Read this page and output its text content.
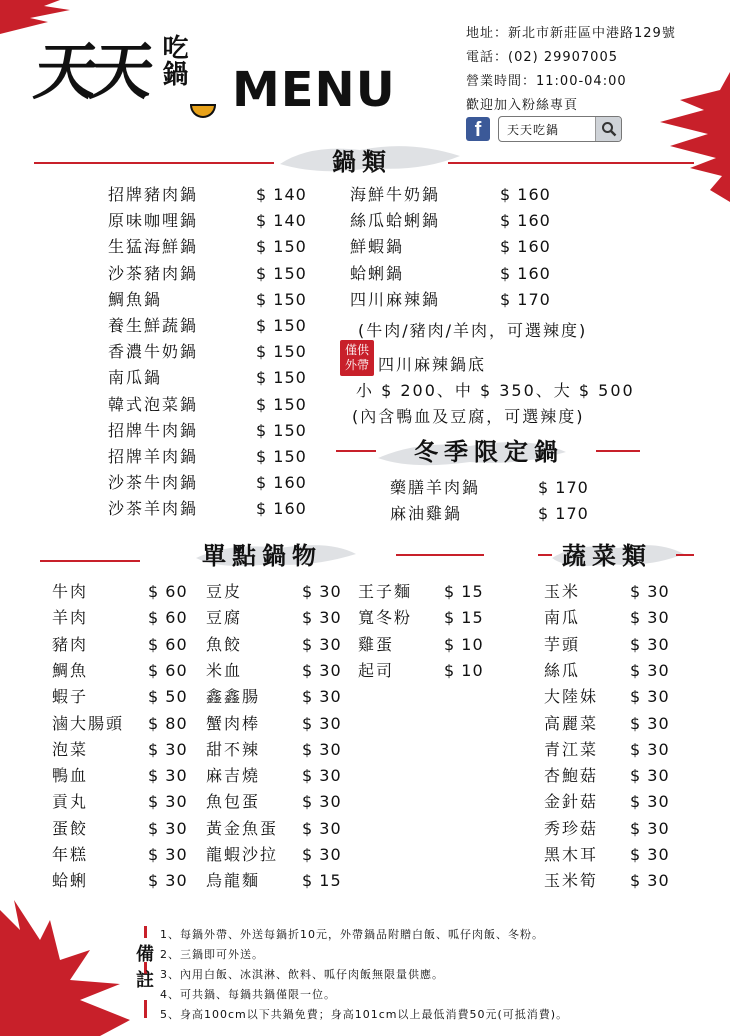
天天 吃鍋
MENU
地址：新北市新莊區中港路129號
電話：(02) 29907005
營業時間：11:00-04:00
歡迎加入粉絲專頁
f	天天吃鍋
鍋類
招牌豬肉鍋	$ 140
原味咖哩鍋	$ 140
生猛海鮮鍋	$ 150
沙茶豬肉鍋	$ 150
鯛魚鍋	$ 150
養生鮮蔬鍋	$ 150
香濃牛奶鍋	$ 150
南瓜鍋	$ 150
韓式泡菜鍋	$ 150
招牌牛肉鍋	$ 150
招牌羊肉鍋	$ 150
沙茶牛肉鍋	$ 160
沙茶羊肉鍋	$ 160
海鮮牛奶鍋	$ 160
絲瓜蛤蜊鍋	$ 160
鮮蝦鍋	$ 160
蛤蜊鍋	$ 160
四川麻辣鍋	$ 170
(牛肉/豬肉/羊肉，可選辣度)
僅供
外帶 四川麻辣鍋底
小 $ 200、中 $ 350、大 $ 500
(內含鴨血及豆腐，可選辣度)
冬季限定鍋
藥膳羊肉鍋	$ 170
麻油雞鍋	$ 170
單點鍋物
牛肉	$ 60
羊肉	$ 60
豬肉	$ 60
鯛魚	$ 60
蝦子	$ 50
滷大腸頭 $ 80
泡菜	$ 30
鴨血	$ 30
貢丸	$ 30
蛋餃	$ 30
年糕	$ 30
蛤蜊	$ 30
豆皮	$ 30
豆腐	$ 30
魚餃	$ 30
米血	$ 30
鑫鑫腸	$ 30
蟹肉棒	$ 30
甜不辣	$ 30
麻吉燒	$ 30
魚包蛋	$ 30
黃金魚蛋 $ 30
龍蝦沙拉 $ 30
烏龍麵	$ 15
王子麵 $ 15
寬冬粉 $ 15
雞蛋	$ 10
起司	$ 10
蔬菜類
玉米	$ 30
南瓜	$ 30
芋頭	$ 30
絲瓜	$ 30
大陸妹 $ 30
高麗菜 $ 30
青江菜 $ 30
杏鮑菇 $ 30
金針菇 $ 30
秀珍菇 $ 30
黑木耳 $ 30
玉米筍 $ 30
備註
1、每鍋外帶、外送每鍋折10元，外帶鍋品附贈白飯、呱仔肉飯、冬粉。
2、三鍋即可外送。
3、內用白飯、冰淇淋、飲料、呱仔肉飯無限量供應。
4、可共鍋、每鍋共鍋僅限一位。
5、身高100cm以下共鍋免費；身高101cm以上最低消費50元(可抵消費)。
